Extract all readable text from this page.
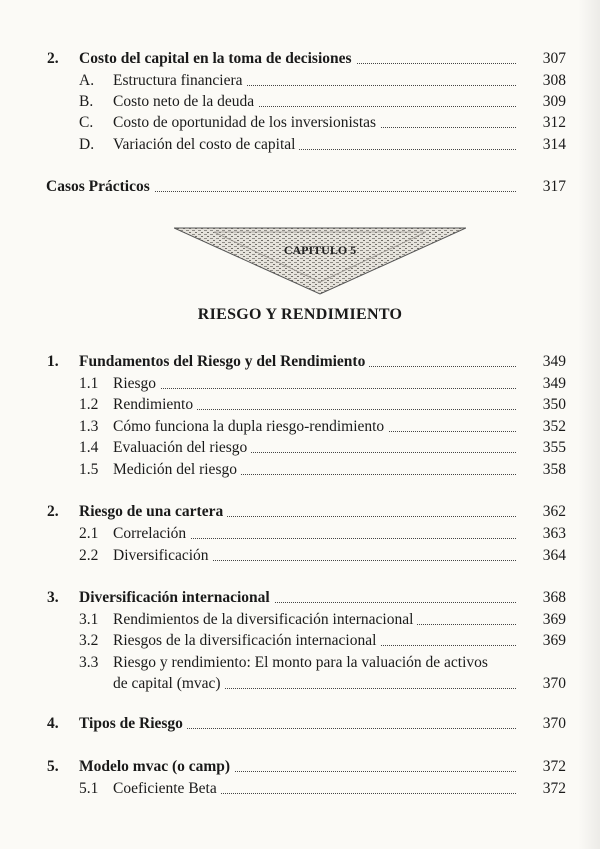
2. Costo del capital en la toma de decisiones	307
A. Estructura financiera	308
B. Costo neto de la deuda	309
C. Costo de oportunidad de los inversionistas	312
D. Variación del costo de capital	314
Casos Prácticos	317
CAPITULO 5
RIESGO Y RENDIMIENTO
1. Fundamentos del Riesgo y del Rendimiento	349
1.1 Riesgo	349
1.2 Rendimiento	350
1.3 Cómo funciona la dupla riesgo-rendimiento	352
1.4 Evaluación del riesgo	355
1.5 Medición del riesgo	358
2. Riesgo de una cartera	362
2.1 Correlación	363
2.2 Diversificación	364
3. Diversificación internacional	368
3.1 Rendimientos de la diversificación internacional	369
3.2 Riesgos de la diversificación internacional	369
3.3 Riesgo y rendimiento: El monto para la valuación de activos
de capital (mvac)	370
4. Tipos de Riesgo	370
5. Modelo mvac (o camp)	372
5.1 Coeficiente Beta	372
